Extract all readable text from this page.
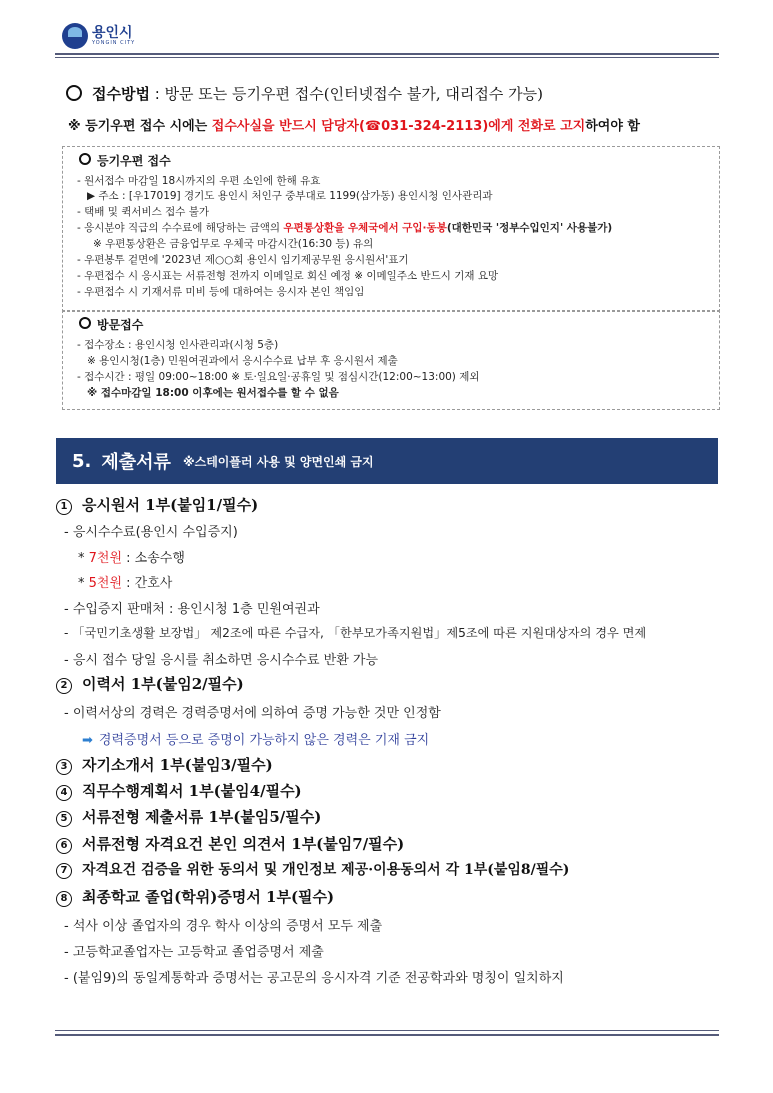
용인시
YONGIN CITY
접수방법 : 방문 또는 등기우편 접수(인터넷접수 불가, 대리접수 가능)
※ 등기우편 접수 시에는 접수사실을 반드시 담당자(☎031-324-2113)에게 전화로 고지하여야 함
등기우편 접수
- 원서접수 마감일 18시까지의 우편 소인에 한해 유효
▶ 주소 : [우17019] 경기도 용인시 처인구 중부대로 1199(삼가동) 용인시청 인사관리과
- 택배 및 퀵서비스 접수 불가
- 응시분야 직급의 수수료에 해당하는 금액의 우편통상환을 우체국에서 구입·동봉(대한민국 '정부수입인지' 사용불가)
※ 우편통상환은 금융업무로 우체국 마감시간(16:30 등) 유의
- 우편봉투 겉면에 '2023년 제○○회 용인시 임기제공무원 응시원서'표기
- 우편접수 시 응시표는 서류전형 전까지 이메일로 회신 예정 ※ 이메일주소 반드시 기재 요망
- 우편접수 시 기재서류 미비 등에 대하여는 응시자 본인 책임임
방문접수
- 접수장소 : 용인시청 인사관리과(시청 5층)
※ 용인시청(1층) 민원여권과에서 응시수수료 납부 후 응시원서 제출
- 접수시간 : 평일 09:00~18:00 ※ 토·일요일·공휴일 및 점심시간(12:00~13:00) 제외
※ 접수마감일 18:00 이후에는 원서접수를 할 수 없음
5. 제출서류 ※스테이플러 사용 및 양면인쇄 금지
1 응시원서 1부(붙임1/필수)
- 응시수수료(용인시 수입증지)
* 7천원 : 소송수행
* 5천원 : 간호사
- 수입증지 판매처 : 용인시청 1층 민원여권과
- 「국민기초생활 보장법」 제2조에 따른 수급자, 「한부모가족지원법」제5조에 따른 지원대상자의 경우 면제
- 응시 접수 당일 응시를 취소하면 응시수수료 반환 가능
2 이력서 1부(붙임2/필수)
- 이력서상의 경력은 경력증명서에 의하여 증명 가능한 것만 인정함
➡ 경력증명서 등으로 증명이 가능하지 않은 경력은 기재 금지
3 자기소개서 1부(붙임3/필수)
4 직무수행계획서 1부(붙임4/필수)
5 서류전형 제출서류 1부(붙임5/필수)
6 서류전형 자격요건 본인 의견서 1부(붙임7/필수)
7 자격요건 검증을 위한 동의서 및 개인정보 제공·이용동의서 각 1부(붙임8/필수)
8 최종학교 졸업(학위)증명서 1부(필수)
- 석사 이상 졸업자의 경우 학사 이상의 증명서 모두 제출
- 고등학교졸업자는 고등학교 졸업증명서 제출
- (붙임9)의 동일계통학과 증명서는 공고문의 응시자격 기준 전공학과와 명칭이 일치하지
